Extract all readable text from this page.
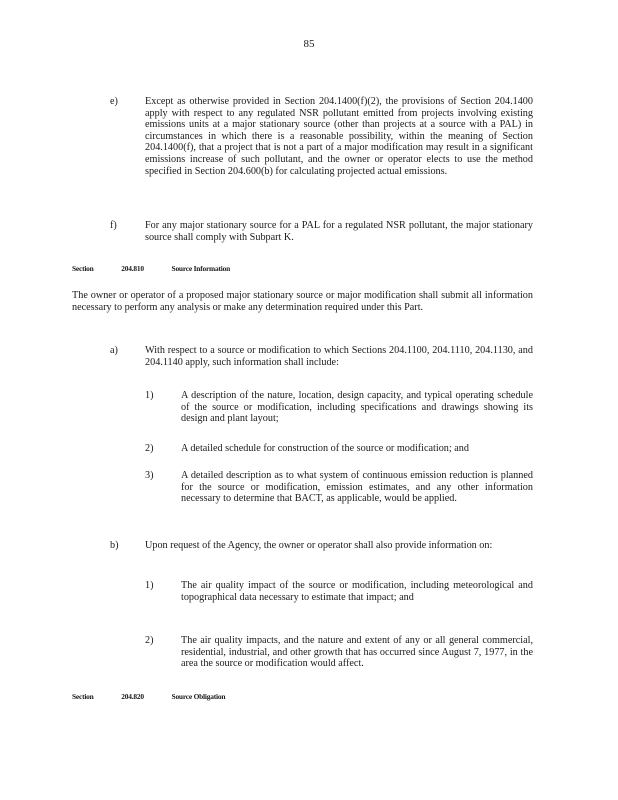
85
e)	Except as otherwise provided in Section 204.1400(f)(2), the provisions of Section 204.1400 apply with respect to any regulated NSR pollutant emitted from projects involving existing emissions units at a major stationary source (other than projects at a source with a PAL) in circumstances in which there is a reasonable possibility, within the meaning of Section 204.1400(f), that a project that is not a part of a major modification may result in a significant emissions increase of such pollutant, and the owner or operator elects to use the method specified in Section 204.600(b) for calculating projected actual emissions.
f)	For any major stationary source for a PAL for a regulated NSR pollutant, the major stationary source shall comply with Subpart K.
Section	204.810	Source Information
The owner or operator of a proposed major stationary source or major modification shall submit all information necessary to perform any analysis or make any determination required under this Part.
a)	With respect to a source or modification to which Sections 204.1100, 204.1110, 204.1130, and 204.1140 apply, such information shall include:
1)	A description of the nature, location, design capacity, and typical operating schedule of the source or modification, including specifications and drawings showing its design and plant layout;
2)	A detailed schedule for construction of the source or modification; and
3)	A detailed description as to what system of continuous emission reduction is planned for the source or modification, emission estimates, and any other information necessary to determine that BACT, as applicable, would be applied.
b)	Upon request of the Agency, the owner or operator shall also provide information on:
1)	The air quality impact of the source or modification, including meteorological and topographical data necessary to estimate that impact; and
2)	The air quality impacts, and the nature and extent of any or all general commercial, residential, industrial, and other growth that has occurred since August 7, 1977, in the area the source or modification would affect.
Section	204.820	Source Obligation
